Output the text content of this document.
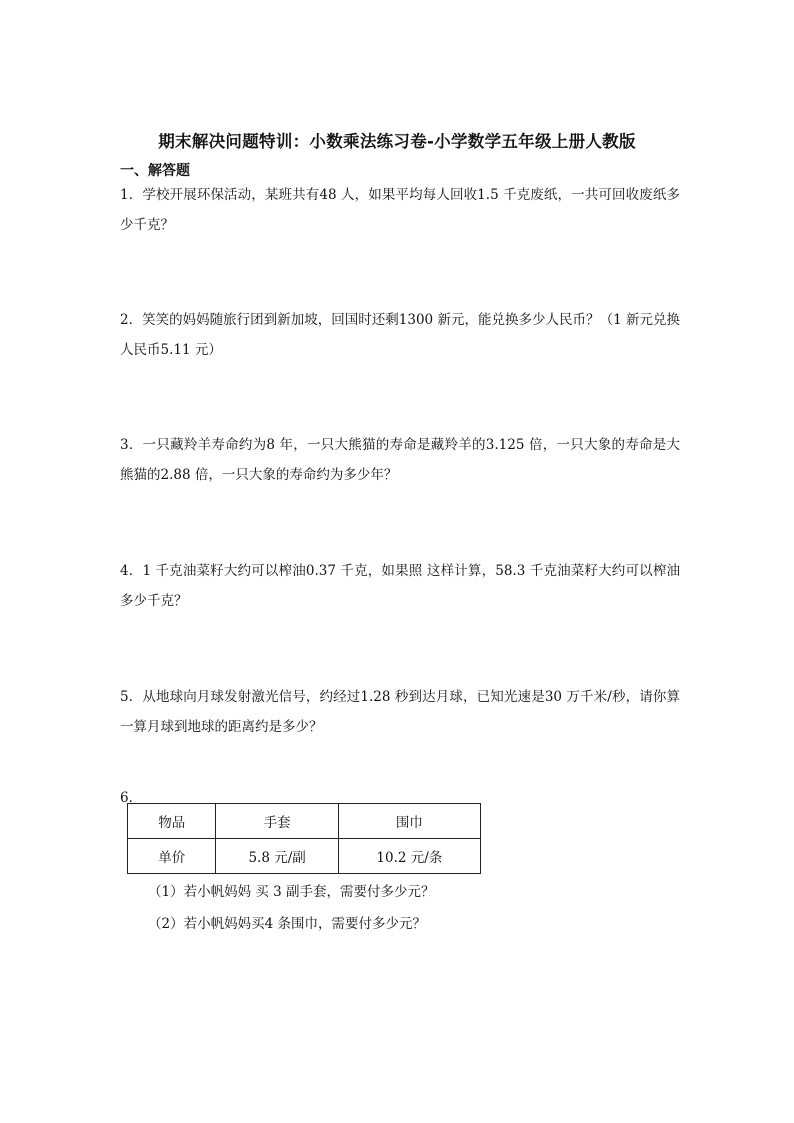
期末解决问题特训：小数乘法练习卷-小学数学五年级上册人教版
一、解答题

1．学校开展环保活动，某班共有48 人，如果平均每人回收1.5 千克废纸，一共可回收废纸多少千克？

2．笑笑的妈妈随旅行团到新加坡，回国时还剩1300 新元，能兑换多少人民币？（1 新元兑换人民币5.11 元）

3．一只藏羚羊寿命约为8 年，一只大熊猫的寿命是藏羚羊的3.125 倍，一只大象的寿命是大熊猫的2.88 倍，一只大象的寿命约为多少年？

4．1 千克油菜籽大约可以榨油0.37 千克，如果照 这样计算，58.3 千克油菜籽大约可以榨油多少千克？

5．从地球向月球发射激光信号，约经过1.28 秒到达月球，已知光速是30 万千米/秒，请你算一算月球到地球的距离约是多少？

6．

物品	手套	围巾
单价	5.8 元/副	10.2 元/条

（1）若小帆妈妈 买 3 副手套，需要付多少元？

（2）若小帆妈妈买4 条围巾，需要付多少元？
